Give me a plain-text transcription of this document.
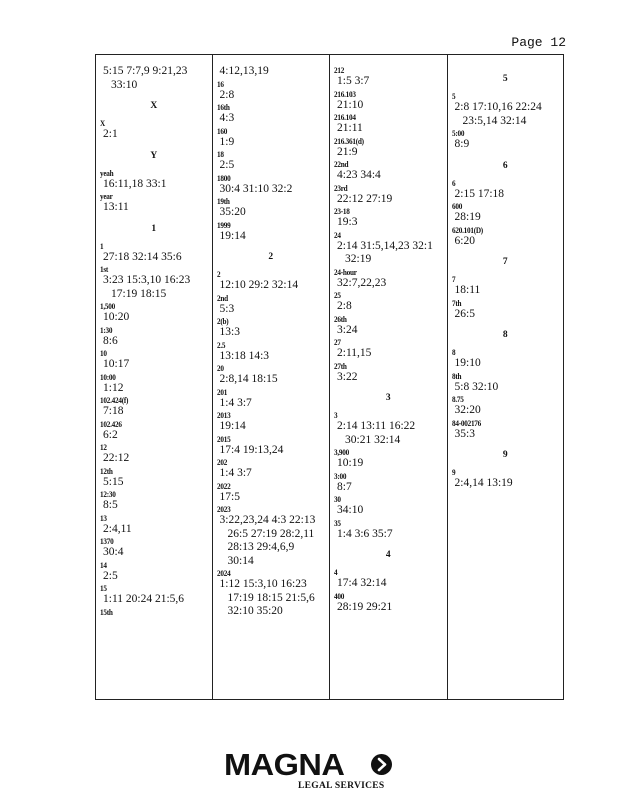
Page 12
5:15 7:7,9 9:21,23
33:10
X
X
2:1
Y
yeah
16:11,18 33:1
year
13:11
1
1
27:18 32:14 35:6
1st
3:23 15:3,10 16:23
17:19 18:15
1,500
10:20
1:30
8:6
10
10:17
10:00
1:12
102.424(f)
7:18
102.426
6:2
12
22:12
12th
5:15
12:30
8:5
13
2:4,11
1370
30:4
14
2:5
15
1:11 20:24 21:5,6
15th
4:12,13,19
16
2:8
16th
4:3
160
1:9
18
2:5
1800
30:4 31:10 32:2
19th
35:20
1999
19:14
2
2
12:10 29:2 32:14
2nd
5:3
2(b)
13:3
2.5
13:18 14:3
20
2:8,14 18:15
201
1:4 3:7
2013
19:14
2015
17:4 19:13,24
202
1:4 3:7
2022
17:5
2023
3:22,23,24 4:3 22:13
26:5 27:19 28:2,11
28:13 29:4,6,9
30:14
2024
1:12 15:3,10 16:23
17:19 18:15 21:5,6
32:10 35:20
212
1:5 3:7
216.103
21:10
216.104
21:11
216.361(d)
21:9
22nd
4:23 34:4
23rd
22:12 27:19
23-18
19:3
24
2:14 31:5,14,23 32:1
32:19
24-hour
32:7,22,23
25
2:8
26th
3:24
27
2:11,15
27th
3:22
3
3
2:14 13:11 16:22
30:21 32:14
3,900
10:19
3:00
8:7
30
34:10
35
1:4 3:6 35:7
4
4
17:4 32:14
400
28:19 29:21
5
5
2:8 17:10,16 22:24
23:5,14 32:14
5:00
8:9
6
6
2:15 17:18
600
28:19
620.101(D)
6:20
7
7
18:11
7th
26:5
8
8
19:10
8th
5:8 32:10
8.75
32:20
84-002176
35:3
9
9
2:4,14 13:19
MAGNA
LEGAL SERVICES
